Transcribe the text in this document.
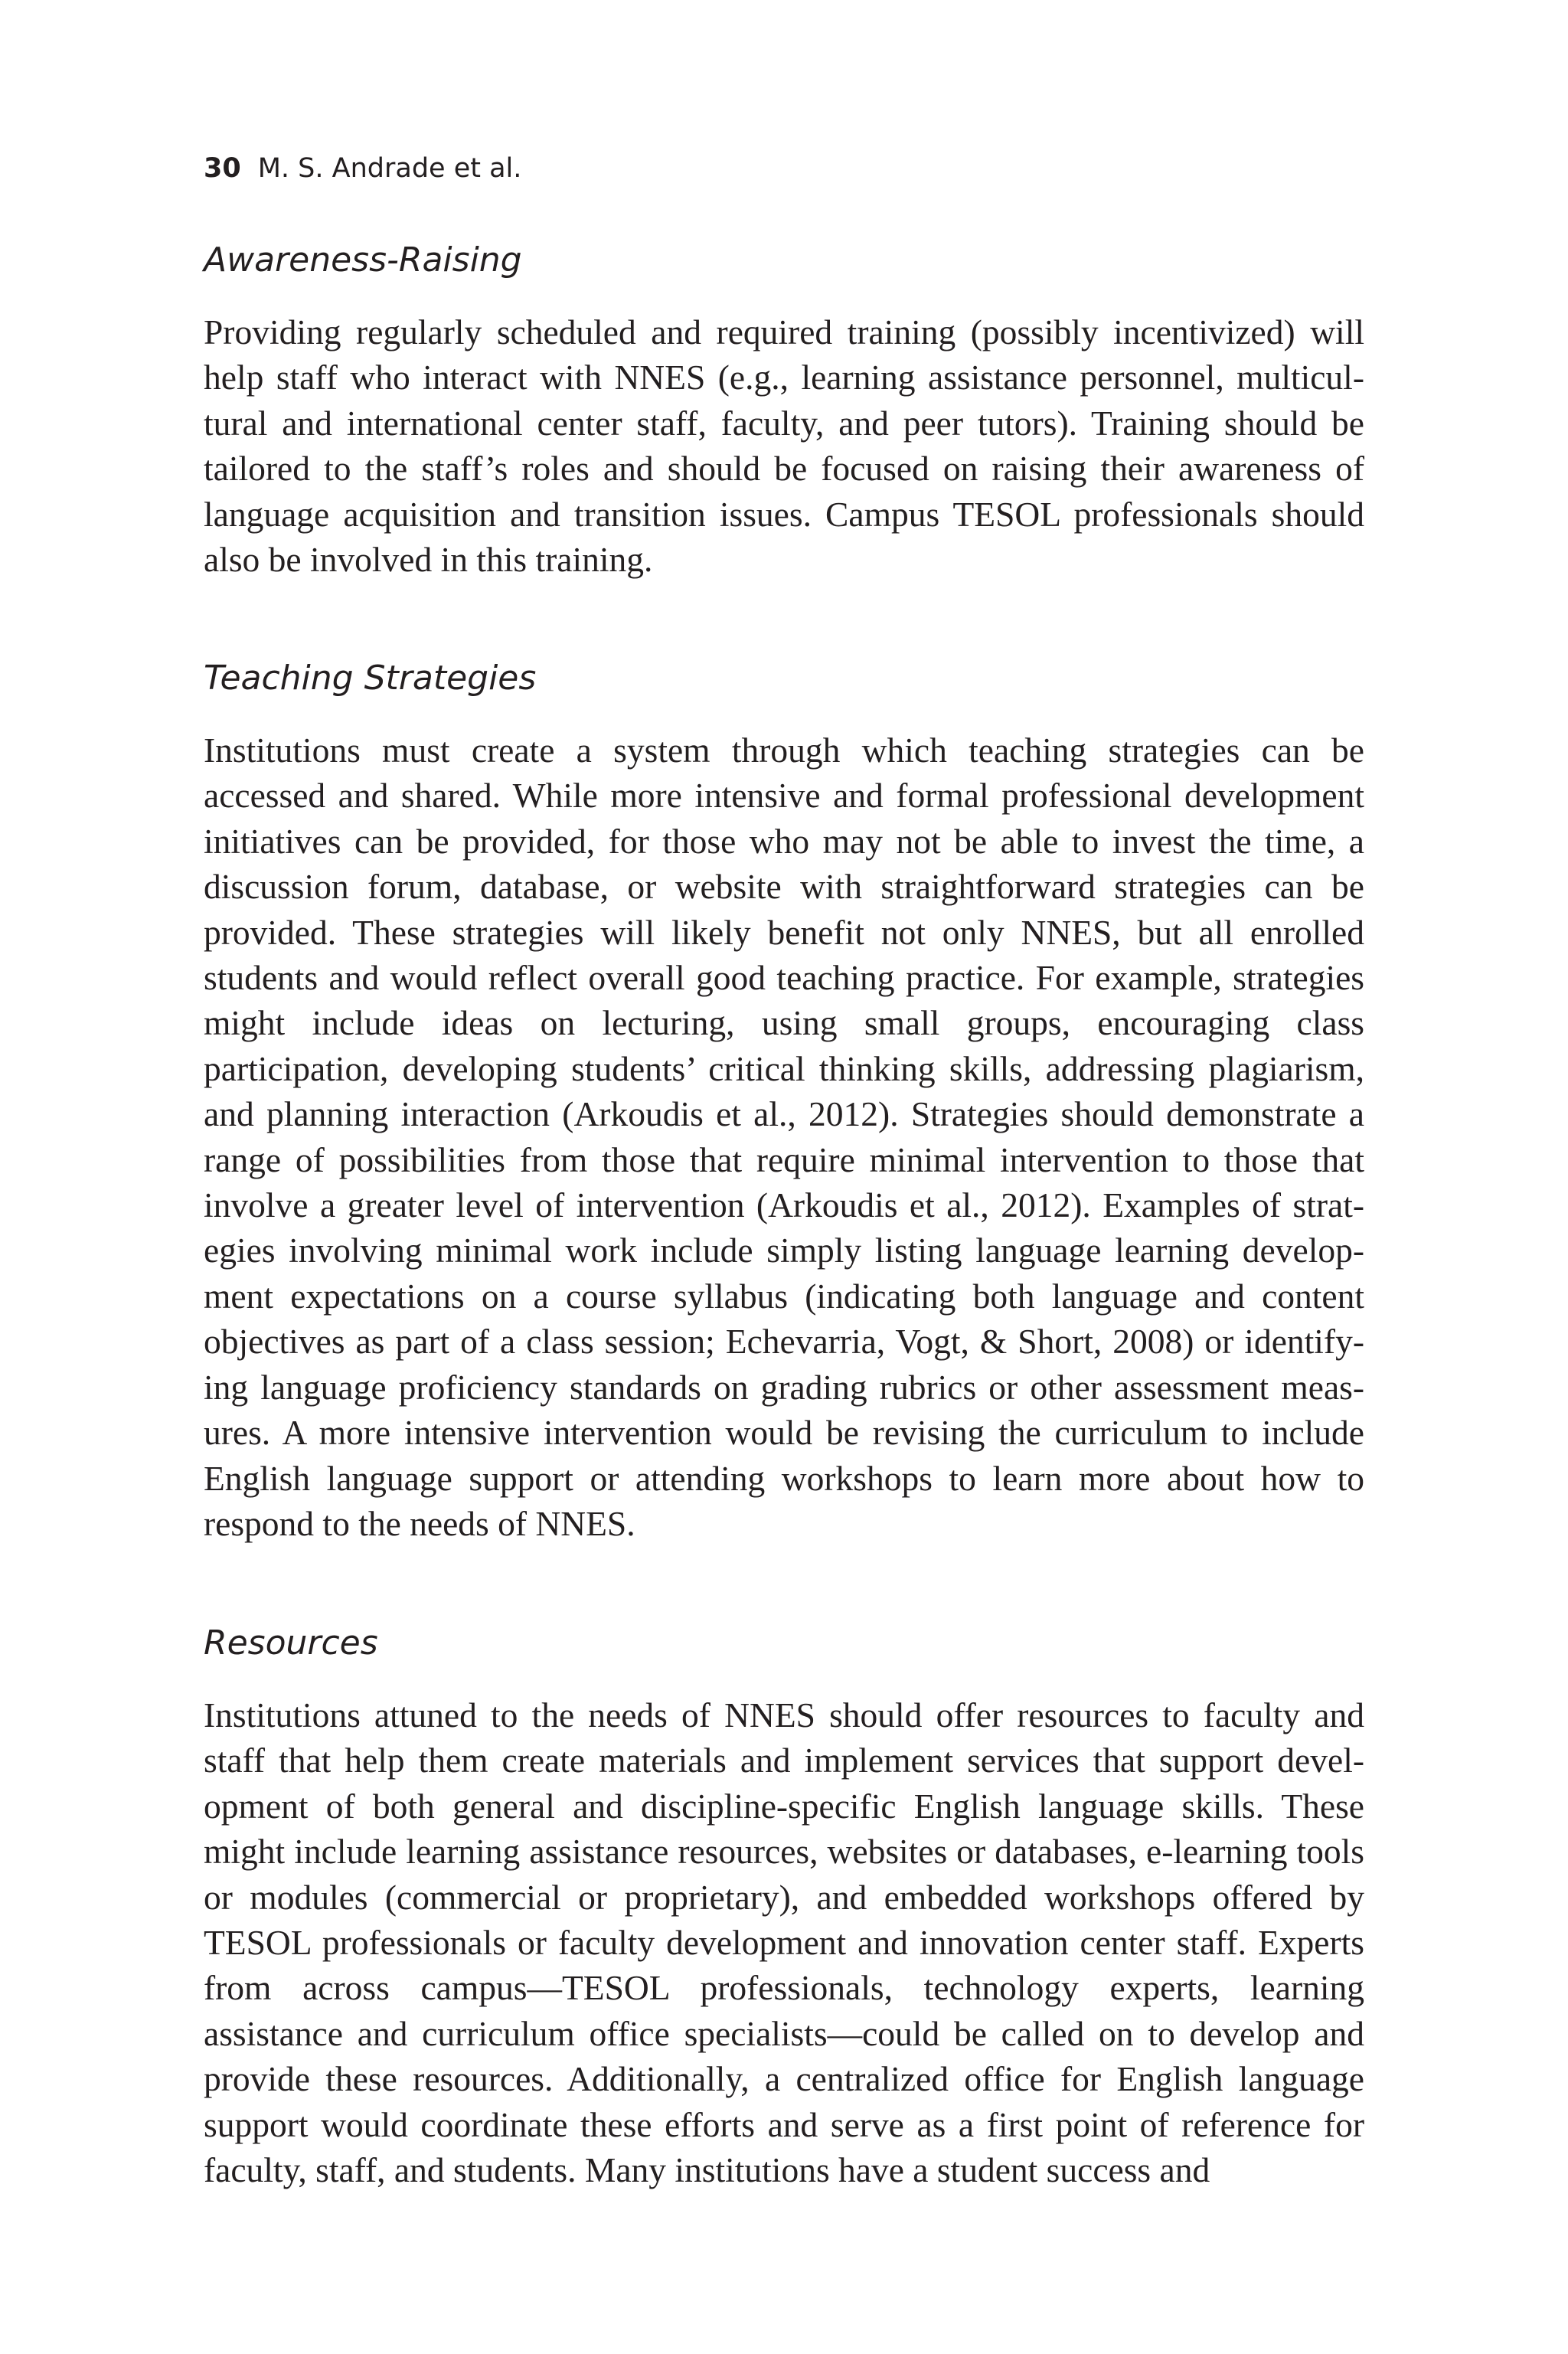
30 M. S. Andrade et al.
Awareness-Raising

Providing regularly scheduled and required training (possibly incentivized) will help staff who interact with NNES (e.g., learning assistance personnel, multicultural and international center staff, faculty, and peer tutors). Training should be tailored to the staff’s roles and should be focused on raising their awareness of language acquisition and transition issues. Campus TESOL professionals should also be involved in this training.

Teaching Strategies

Institutions must create a system through which teaching strategies can be accessed and shared. While more intensive and formal professional development initiatives can be provided, for those who may not be able to invest the time, a discussion forum, database, or website with straightforward strategies can be provided. These strategies will likely benefit not only NNES, but all enrolled students and would reflect overall good teaching practice. For example, strategies might include ideas on lecturing, using small groups, encouraging class participation, developing students’ critical thinking skills, addressing plagiarism, and planning interaction (Arkoudis et al., 2012). Strategies should demonstrate a range of possibilities from those that require minimal intervention to those that involve a greater level of intervention (Arkoudis et al., 2012). Examples of strategies involving minimal work include simply listing language learning development expectations on a course syllabus (indicating both language and content objectives as part of a class session; Echevarria, Vogt, & Short, 2008) or identifying language proficiency standards on grading rubrics or other assessment measures. A more intensive intervention would be revising the curriculum to include English language support or attending workshops to learn more about how to respond to the needs of NNES.

Resources

Institutions attuned to the needs of NNES should offer resources to faculty and staff that help them create materials and implement services that support development of both general and discipline-specific English language skills. These might include learning assistance resources, websites or databases, e-learning tools or modules (commercial or proprietary), and embedded workshops offered by TESOL professionals or faculty development and innovation center staff. Experts from across campus—TESOL professionals, technology experts, learning assistance and curriculum office specialists—could be called on to develop and provide these resources. Additionally, a centralized office for English language support would coordinate these efforts and serve as a first point of reference for faculty, staff, and students. Many institutions have a student success and
